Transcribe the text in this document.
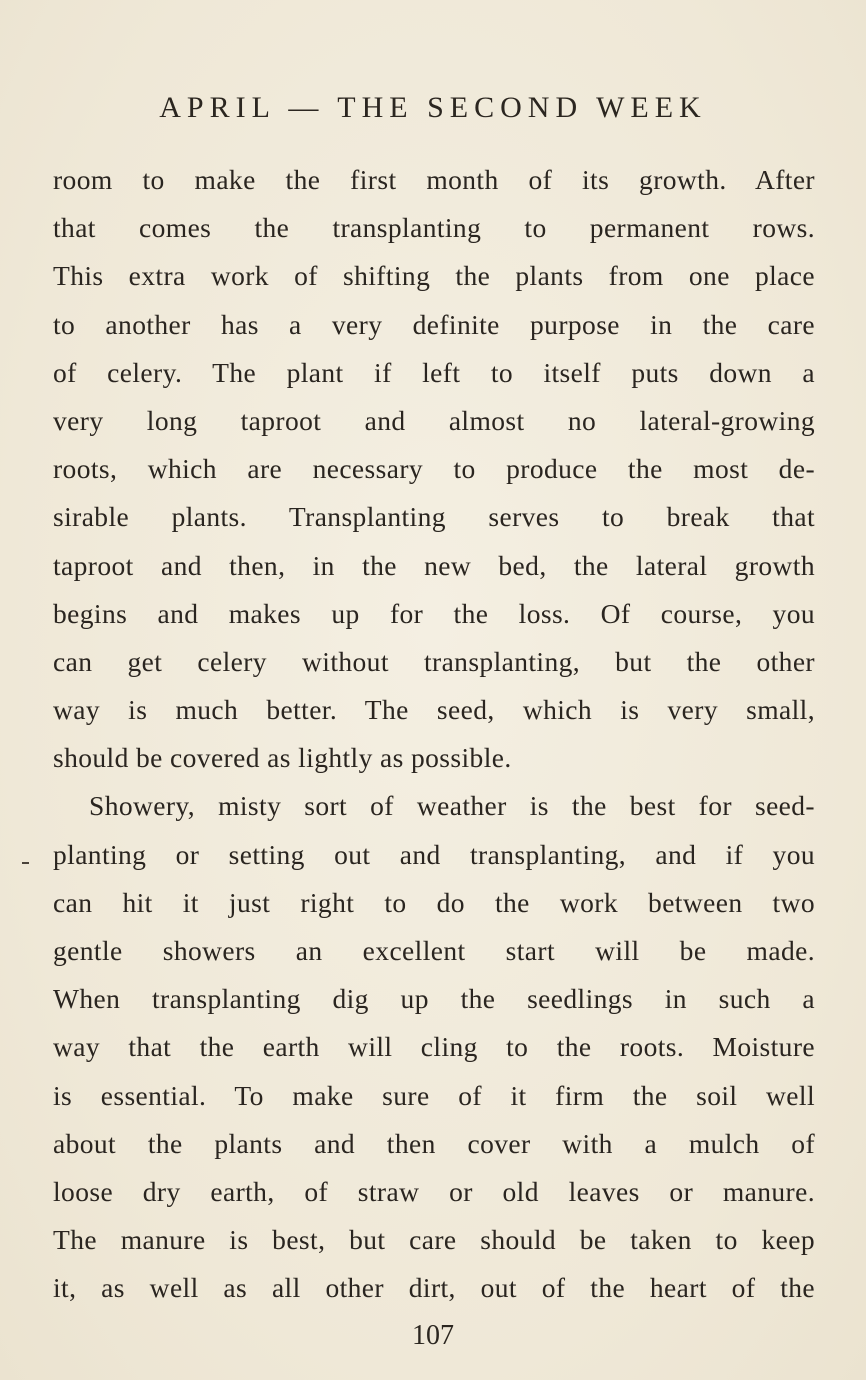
APRIL — THE SECOND WEEK
room to make the first month of its growth. After
that comes the transplanting to permanent rows.
This extra work of shifting the plants from one place
to another has a very definite purpose in the care
of celery. The plant if left to itself puts down a
very long taproot and almost no lateral-growing
roots, which are necessary to produce the most de-
sirable plants. Transplanting serves to break that
taproot and then, in the new bed, the lateral growth
begins and makes up for the loss. Of course, you
can get celery without transplanting, but the other
way is much better. The seed, which is very small,
should be covered as lightly as possible.
Showery, misty sort of weather is the best for seed-
planting or setting out and transplanting, and if you
can hit it just right to do the work between two
gentle showers an excellent start will be made.
When transplanting dig up the seedlings in such a
way that the earth will cling to the roots. Moisture
is essential. To make sure of it firm the soil well
about the plants and then cover with a mulch of
loose dry earth, of straw or old leaves or manure.
The manure is best, but care should be taken to keep
it, as well as all other dirt, out of the heart of the
107
